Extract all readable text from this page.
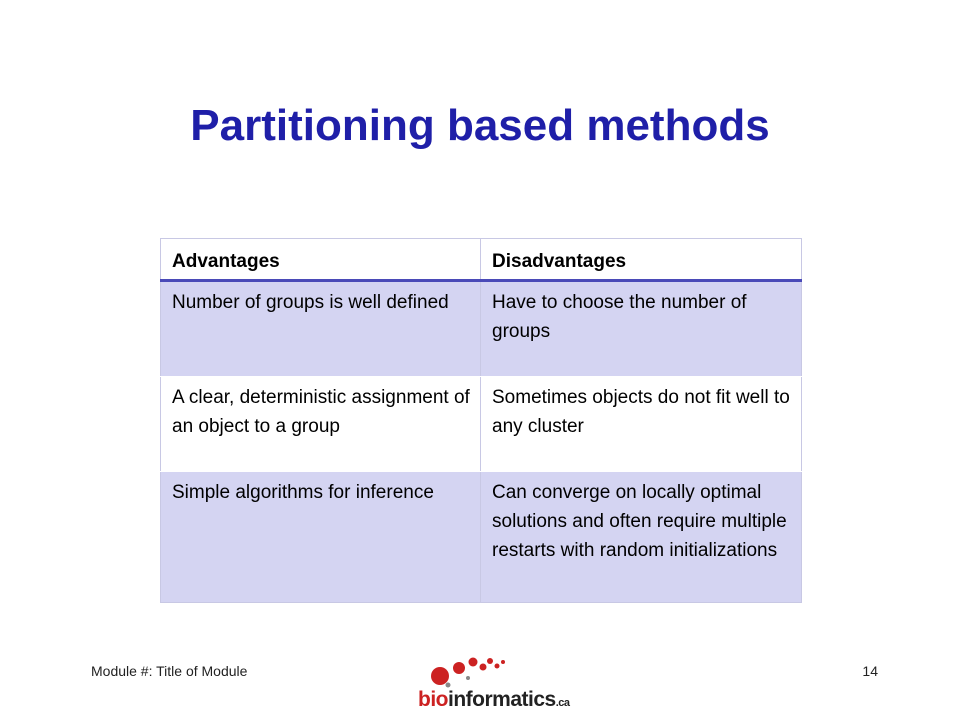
Partitioning based methods
Advantages	Disadvantages
Number of groups is well defined	Have to choose the number of groups
A clear, deterministic assignment of an object to a group	Sometimes objects do not fit well to any cluster
Simple algorithms for inference	Can converge on locally optimal solutions and often require multiple restarts with random initializations
Module #: Title of Module
bioinformatics.ca
14
